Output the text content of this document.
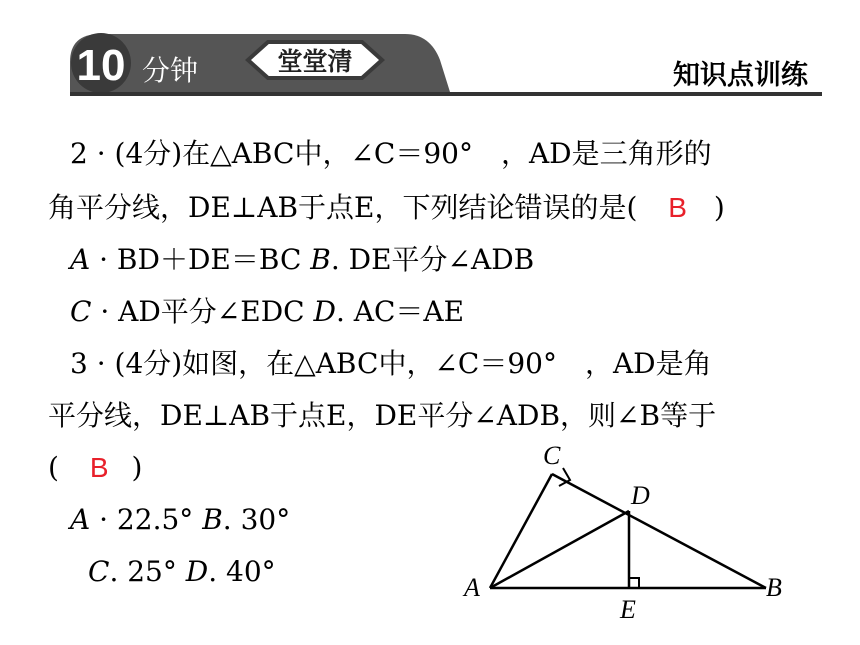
10 分钟	堂堂清	知识点训练
2 · (4分)在△ABC中，∠C＝90°　，AD是三角形的
角平分线，DE⊥AB于点E，下列结论错误的是( B )
A · BD＋DE＝BC B. DE平分∠ADB
C · AD平分∠EDC D. AC＝AE
3 · (4分)如图，在△ABC中，∠C＝90°　，AD是角
平分线，DE⊥AB于点E，DE平分∠ADB，则∠B等于
( B )
A · 22.5° B. 30°
C. 25° D. 40°
C
D
A
E
B
